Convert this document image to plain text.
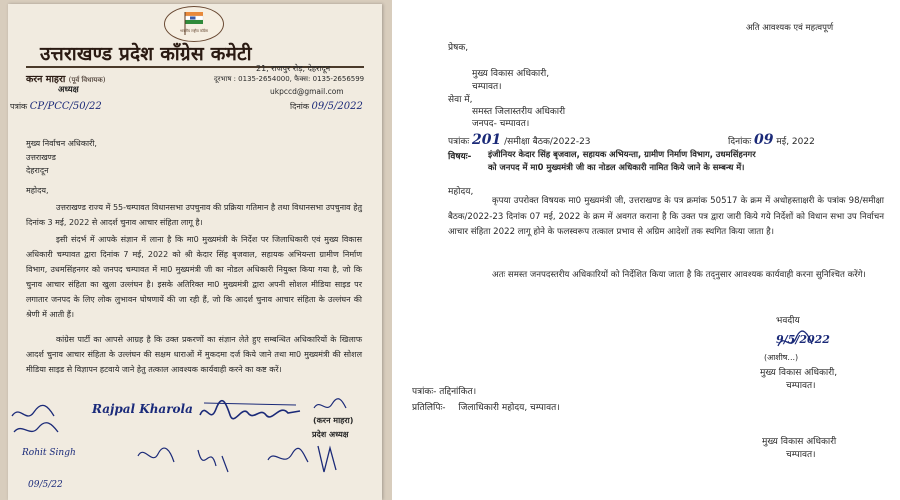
भारतीय राष्ट्रीय काँग्रेस
उत्तराखण्ड प्रदेश काँग्रेस कमेटी
करन माहरा (पूर्व विधायक)
अध्यक्ष
21, राजपुर रोड़, देहरादून
दूरभाष : 0135-2654000, फैक्स: 0135-2656599
ukpccd@gmail.com
पत्रांक CP/PCC/50/22	दिनांक 09/5/2022
मुख्य निर्वाचन अधिकारी,
उत्तराखण्ड
देहरादून
महोदय,
उत्तराखण्ड राज्य में 55-चम्पावत विधानसभा उपचुनाव की प्रक्रिया गतिमान है तथा विधानसभा उपचुनाव हेतु दिनांक 3 मई, 2022 से आदर्श चुनाव आचार संहिता लागू है।
इसी संदर्भ में आपके संज्ञान में लाना है कि मा0 मुख्यमंत्री के निर्देश पर जिलाधिकारी एवं मुख्य विकास अधिकारी चम्पावत द्वारा दिनांक 7 मई, 2022 को श्री केदार सिंह बृजवाल, सहायक अभियन्ता ग्रामीण निर्माण विभाग, उधमसिंहनगर को जनपद चम्पावत में मा0 मुख्यमंत्री जी का नोडल अधिकारी नियुक्त किया गया है, जो कि चुनाव आचार संहिता का खुला उल्लंघन है। इसके अतिरिक्त मा0 मुख्यमंत्री द्वारा अपनी सोशल मीडिया साइड पर लगातार जनपद के लिए लोक लुभावन घोषणायें की जा रही हैं, जो कि आदर्श चुनाव आचार संहिता के उल्लंघन की श्रेणी में आती हैं।
कांग्रेस पार्टी का आपसे आग्रह है कि उक्त प्रकरणों का संज्ञान लेते हुए सम्बन्धित अधिकारियों के खिलाफ आदर्श चुनाव आचार संहिता के उल्लंघन की सक्षम धाराओं में मुकदमा दर्ज किये जाने तथा मा0 मुख्यमंत्री की सोशल मीडिया साइड से विज्ञापन हटवाये जाने हेतु तत्काल आवश्यक कार्यवाही करने का कष्ट करें।
Rajpal Kharola
(करन माहरा)
प्रदेश अध्यक्ष
Rohit Singh
09/5/22
अति आवश्यक एवं महत्वपूर्ण
प्रेषक,
मुख्य विकास अधिकारी,
चम्पावत।
सेवा में,
समस्त जिलास्तरीय अधिकारी
जनपद- चम्पावत।
पत्रांकः 201 /समीक्षा बैठक/2022-23	दिनांकः 09 मई, 2022
विषयः- इंजीनियर केदार सिंह बृजवाल, सहायक अभियन्ता, ग्रामीण निर्माण विभाग, उधमसिंहनगर
को जनपद में मा0 मुख्यमंत्री जी का नोडल अधिकारी नामित किये जाने के सम्बन्ध में।
महोदय,
कृपया उपरोक्त विषयक मा0 मुख्यमंत्री जी, उत्तराखण्ड के पत्र क्रमांक 50517 के क्रम में अधोहस्ताक्षरी के पत्रांक 98/समीक्षा बैठक/2022-23 दिनांक 07 मई, 2022 के क्रम में अवगत कराना है कि उक्त पत्र द्वारा जारी किये गये निर्देशों को विधान सभा उप निर्वाचन आचार संहिता 2022 लागू होने के फलस्वरूप तत्काल प्रभाव से अग्रिम आदेशों तक स्थगित किया जाता है।
अतः समस्त जनपदस्तरीय अधिकारियों को निर्देशित किया जाता है कि तद्नुसार आवश्यक कार्यवाही करना सुनिश्चित करेंगे।
भवदीय
9/5/2022
(आशीष...)
मुख्य विकास अधिकारी,
चम्पावत।
पत्रांकः- तद्दिनांकित।
प्रतिलिपिः- जिलाधिकारी महोदय, चम्पावत।
मुख्य विकास अधिकारी
चम्पावत।
